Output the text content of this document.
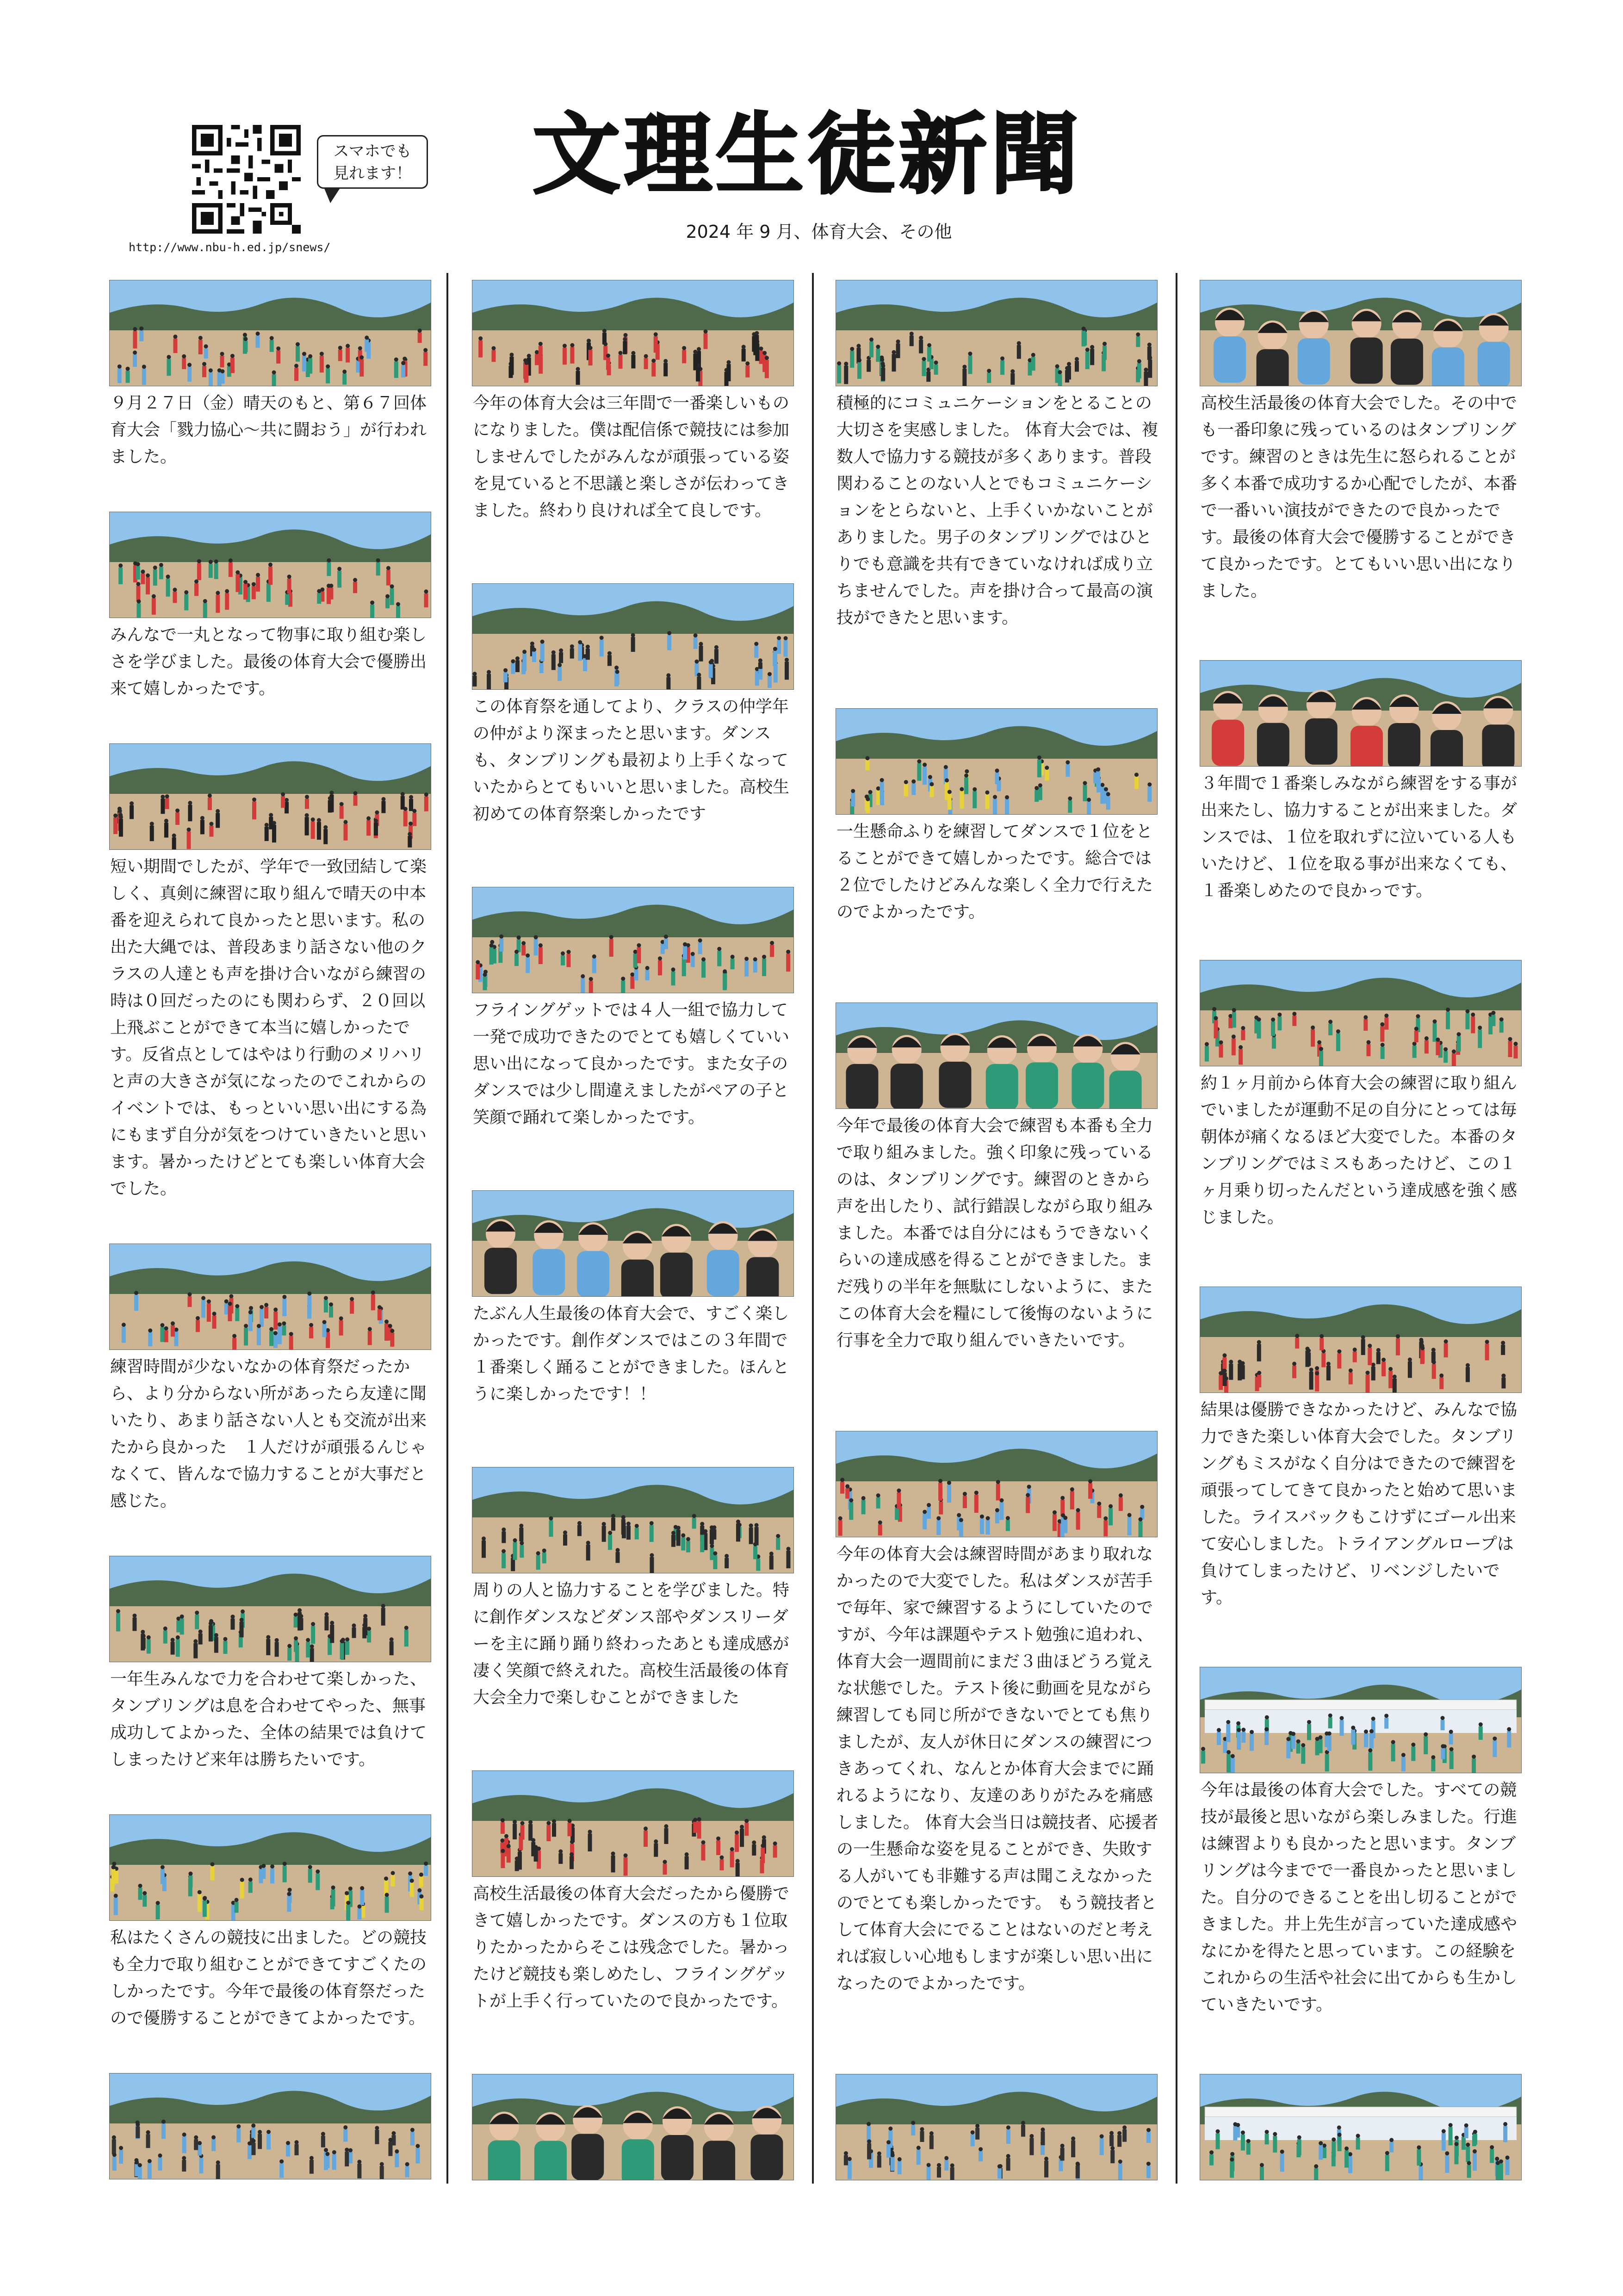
スマホでも
見れます！
http://www.nbu-h.ed.jp/snews/
文理生徒新聞
2024 年 9 月、体育大会、その他
９月２７日（金）晴天のもと、第６７回体育大会「戮力協心～共に闘おう」が行われました。
みんなで一丸となって物事に取り組む楽しさを学びました。最後の体育大会で優勝出来て嬉しかったです。
短い期間でしたが、学年で一致団結して楽しく、真剣に練習に取り組んで晴天の中本番を迎えられて良かったと思います。私の出た大縄では、普段あまり話さない他のクラスの人達とも声を掛け合いながら練習の時は０回だったのにも関わらず、２０回以上飛ぶことができて本当に嬉しかったです。反省点としてはやはり行動のメリハリと声の大きさが気になったのでこれからのイベントでは、もっといい思い出にする為にもまず自分が気をつけていきたいと思います。暑かったけどとても楽しい体育大会でした。
練習時間が少ないなかの体育祭だったから、より分からない所があったら友達に聞いたり、あまり話さない人とも交流が出来たから良かった　１人だけが頑張るんじゃなくて、皆んなで協力することが大事だと感じた。
一年生みんなで力を合わせて楽しかった、タンブリングは息を合わせてやった、無事成功してよかった、全体の結果では負けてしまったけど来年は勝ちたいです。
私はたくさんの競技に出ました。どの競技も全力で取り組むことができてすごくたのしかったです。今年で最後の体育祭だったので優勝することができてよかったです。
今年の体育大会は三年間で一番楽しいものになりました。僕は配信係で競技には参加しませんでしたがみんなが頑張っている姿を見ていると不思議と楽しさが伝わってきました。終わり良ければ全て良しです。
この体育祭を通してより、クラスの仲学年の仲がより深まったと思います。ダンスも、タンブリングも最初より上手くなっていたからとてもいいと思いました。高校生初めての体育祭楽しかったです
フライングゲットでは４人一組で協力して一発で成功できたのでとても嬉しくていい思い出になって良かったです。また女子のダンスでは少し間違えましたがペアの子と笑顔で踊れて楽しかったです。
たぶん人生最後の体育大会で、すごく楽しかったです。創作ダンスではこの３年間で１番楽しく踊ることができました。ほんとうに楽しかったです！！
周りの人と協力することを学びました。特に創作ダンスなどダンス部やダンスリーダーを主に踊り踊り終わったあとも達成感が凄く笑顔で終えれた。高校生活最後の体育大会全力で楽しむことができました
高校生活最後の体育大会だったから優勝できて嬉しかったです。ダンスの方も１位取りたかったからそこは残念でした。暑かったけど競技も楽しめたし、フライングゲットが上手く行っていたので良かったです。
積極的にコミュニケーションをとることの大切さを実感しました。 体育大会では、複数人で協力する競技が多くあります。普段関わることのない人とでもコミュニケーションをとらないと、上手くいかないことがありました。男子のタンブリングではひとりでも意識を共有できていなければ成り立ちませんでした。声を掛け合って最高の演技ができたと思います。
一生懸命ふりを練習してダンスで１位をとることができて嬉しかったです。総合では２位でしたけどみんな楽しく全力で行えたのでよかったです。
今年で最後の体育大会で練習も本番も全力で取り組みました。強く印象に残っているのは、タンブリングです。練習のときから声を出したり、試行錯誤しながら取り組みました。本番では自分にはもうできないくらいの達成感を得ることができました。まだ残りの半年を無駄にしないように、またこの体育大会を糧にして後悔のないように行事を全力で取り組んでいきたいです。
今年の体育大会は練習時間があまり取れなかったので大変でした。私はダンスが苦手で毎年、家で練習するようにしていたのですが、今年は課題やテスト勉強に追われ、体育大会一週間前にまだ３曲ほどうろ覚えな状態でした。テスト後に動画を見ながら練習しても同じ所ができないでとても焦りましたが、友人が休日にダンスの練習につきあってくれ、なんとか体育大会までに踊れるようになり、友達のありがたみを痛感しました。 体育大会当日は競技者、応援者の一生懸命な姿を見ることができ、失敗する人がいても非難する声は聞こえなかったのでとても楽しかったです。 もう競技者として体育大会にでることはないのだと考えれば寂しい心地もしますが楽しい思い出になったのでよかったです。
高校生活最後の体育大会でした。その中でも一番印象に残っているのはタンブリングです。練習のときは先生に怒られることが多く本番で成功するか心配でしたが、本番で一番いい演技ができたので良かったです。最後の体育大会で優勝することができて良かったです。とてもいい思い出になりました。
３年間で１番楽しみながら練習をする事が出来たし、協力することが出来ました。ダンスでは、１位を取れずに泣いている人もいたけど、１位を取る事が出来なくても、１番楽しめたので良かっです。
約１ヶ月前から体育大会の練習に取り組んでいましたが運動不足の自分にとっては毎朝体が痛くなるほど大変でした。本番のタンブリングではミスもあったけど、この１ヶ月乗り切ったんだという達成感を強く感じました。
結果は優勝できなかったけど、みんなで協力できた楽しい体育大会でした。タンブリングもミスがなく自分はできたので練習を頑張ってしてきて良かったと始めて思いました。ライスバックもこけずにゴール出来て安心しました。トライアングルロープは負けてしまったけど、リベンジしたいです。
今年は最後の体育大会でした。すべての競技が最後と思いながら楽しみました。行進は練習よりも良かったと思います。タンブリングは今までで一番良かったと思いました。自分のできることを出し切ることができました。井上先生が言っていた達成感やなにかを得たと思っています。この経験をこれからの生活や社会に出てからも生かしていきたいです。
